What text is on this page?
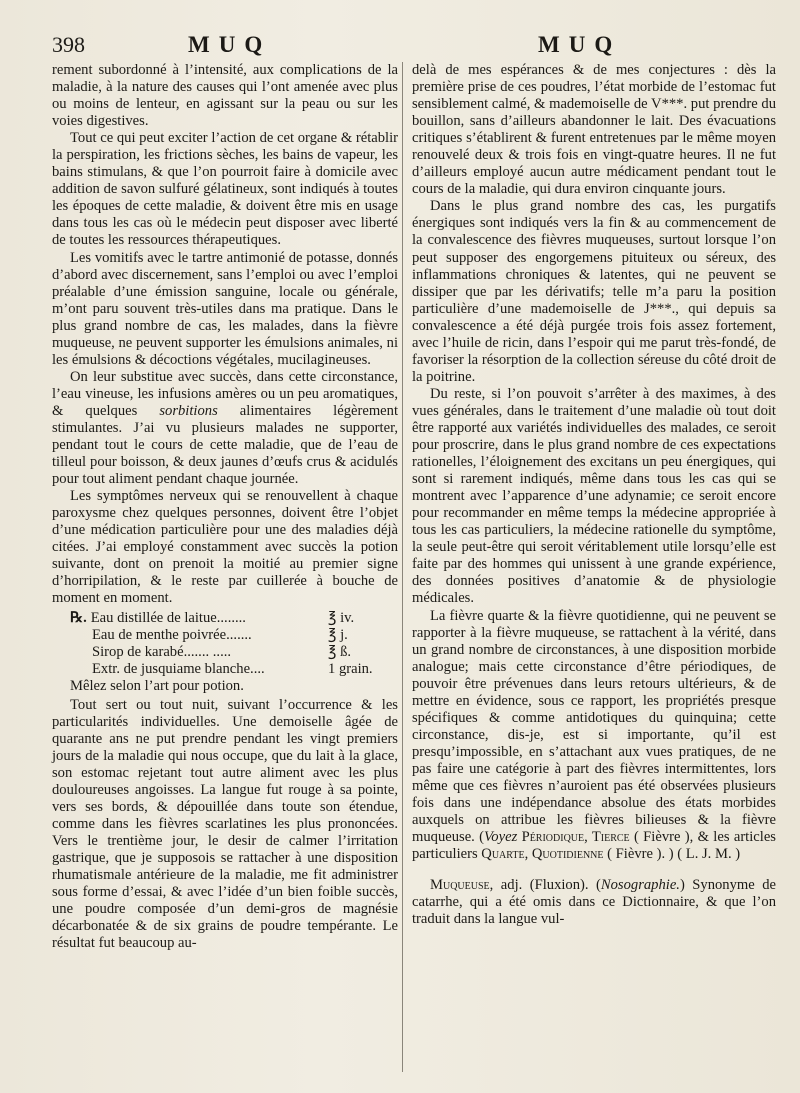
398	MUQ	MUQ

rement subordonné à l’intensité, aux complications de la maladie, à la nature des causes qui l’ont amenée avec plus ou moins de lenteur, en agissant sur la peau ou sur les voies digestives.

Tout ce qui peut exciter l’action de cet organe & rétablir la perspiration, les frictions sèches, les bains de vapeur, les bains stimulans, & que l’on pourroit faire à domicile avec addition de savon sulfuré gélatineux, sont indiqués à toutes les époques de cette maladie, & doivent être mis en usage dans tous les cas où le médecin peut disposer avec liberté de toutes les ressources thérapeutiques.

Les vomitifs avec le tartre antimonié de potasse, donnés d’abord avec discernement, sans l’emploi ou avec l’emploi préalable d’une émission sanguine, locale ou générale, m’ont paru souvent très-utiles dans ma pratique. Dans le plus grand nombre de cas, les malades, dans la fièvre muqueuse, ne peuvent supporter les émulsions animales, ni les émulsions & décoctions végétales, mucilagineuses.

On leur substitue avec succès, dans cette circonstance, l’eau vineuse, les infusions amères ou un peu aromatiques, & quelques sorbitions alimentaires légèrement stimulantes. J’ai vu plusieurs malades ne supporter, pendant tout le cours de cette maladie, que de l’eau de tilleul pour boisson, & deux jaunes d’œufs crus & acidulés pour tout aliment pendant chaque journée.

Les symptômes nerveux qui se renouvellent à chaque paroxysme chez quelques personnes, doivent être l’objet d’une médication particulière pour une des maladies déjà citées. J’ai employé constamment avec succès la potion suivante, dont on prenoit la moitié au premier signe d’horripilation, & le reste par cuillerée à bouche de moment en moment.

℞. Eau distillée de laitue........	℥ iv.
Eau de menthe poivrée.......	℥ j.
Sirop de karabé....... .....	℥ ß.
Extr. de jusquiame blanche....	1 grain.
Mêlez selon l’art pour potion.

Tout sert ou tout nuit, suivant l’occurrence & les particularités individuelles. Une demoiselle âgée de quarante ans ne put prendre pendant les vingt premiers jours de la maladie qui nous occupe, que du lait à la glace, son estomac rejetant tout autre aliment avec les plus douloureuses angoisses. La langue fut rouge à sa pointe, vers ses bords, & dépouillée dans toute son étendue, comme dans les fièvres scarlatines les plus prononcées. Vers le trentième jour, le desir de calmer l’irritation gastrique, que je supposois se rattacher à une disposition rhumatismale antérieure de la maladie, me fit administrer sous forme d’essai, & avec l’idée d’un bien foible succès, une poudre composée d’un demi-gros de magnésie décarbonatée & de six grains de poudre tempérante. Le résultat fut beaucoup au-

delà de mes espérances & de mes conjectures : dès la première prise de ces poudres, l’état morbide de l’estomac fut sensiblement calmé, & mademoiselle de V***. put prendre du bouillon, sans d’ailleurs abandonner le lait. Des évacuations critiques s’établirent & furent entretenues par le même moyen renouvelé deux & trois fois en vingt-quatre heures. Il ne fut d’ailleurs employé aucun autre médicament pendant tout le cours de la maladie, qui dura environ cinquante jours.

Dans le plus grand nombre des cas, les purgatifs énergiques sont indiqués vers la fin & au commencement de la convalescence des fièvres muqueuses, surtout lorsque l’on peut supposer des engorgemens pituiteux ou séreux, des inflammations chroniques & latentes, qui ne peuvent se dissiper que par les dérivatifs; telle m’a paru la position particulière d’une mademoiselle de J***., qui depuis sa convalescence a été déjà purgée trois fois assez fortement, avec l’huile de ricin, dans l’espoir qui me parut très-fondé, de favoriser la résorption de la collection séreuse du côté droit de la poitrine.

Du reste, si l’on pouvoit s’arrêter à des maximes, à des vues générales, dans le traitement d’une maladie où tout doit être rapporté aux variétés individuelles des malades, ce seroit pour proscrire, dans le plus grand nombre de ces expectations rationelles, l’éloignement des excitans un peu énergiques, qui sont si rarement indiqués, même dans tous les cas qui se montrent avec l’apparence d’une adynamie; ce seroit encore pour recommander en même temps la médecine appropriée à tous les cas particuliers, la médecine rationelle du symptôme, la seule peut-être qui seroit véritablement utile lorsqu’elle est faite par des hommes qui unissent à une grande expérience, des données positives d’anatomie & de physiologie médicales.

La fièvre quarte & la fièvre quotidienne, qui ne peuvent se rapporter à la fièvre muqueuse, se rattachent à la vérité, dans un grand nombre de circonstances, à une disposition morbide analogue; mais cette circonstance d’être périodiques, de pouvoir être prévenues dans leurs retours ultérieurs, & de mettre en évidence, sous ce rapport, les propriétés presque spécifiques & comme antidotiques du quinquina; cette circonstance, dis-je, est si importante, qu’il est presqu’impossible, en s’attachant aux vues pratiques, de ne pas faire une catégorie à part des fièvres intermittentes, lors même que ces fièvres n’auroient pas été observées plusieurs fois dans une indépendance absolue des états morbides auxquels on attribue les fièvres bilieuses & la fièvre muqueuse. (Voyez Périodique, Tierce ( Fièvre ), & les articles particuliers Quarte, Quotidienne ( Fièvre ). ) ( L. J. M. )

Muqueuse, adj. (Fluxion). (Nosographie.) Synonyme de catarrhe, qui a été omis dans ce Dictionnaire, & que l’on traduit dans la langue vul-
